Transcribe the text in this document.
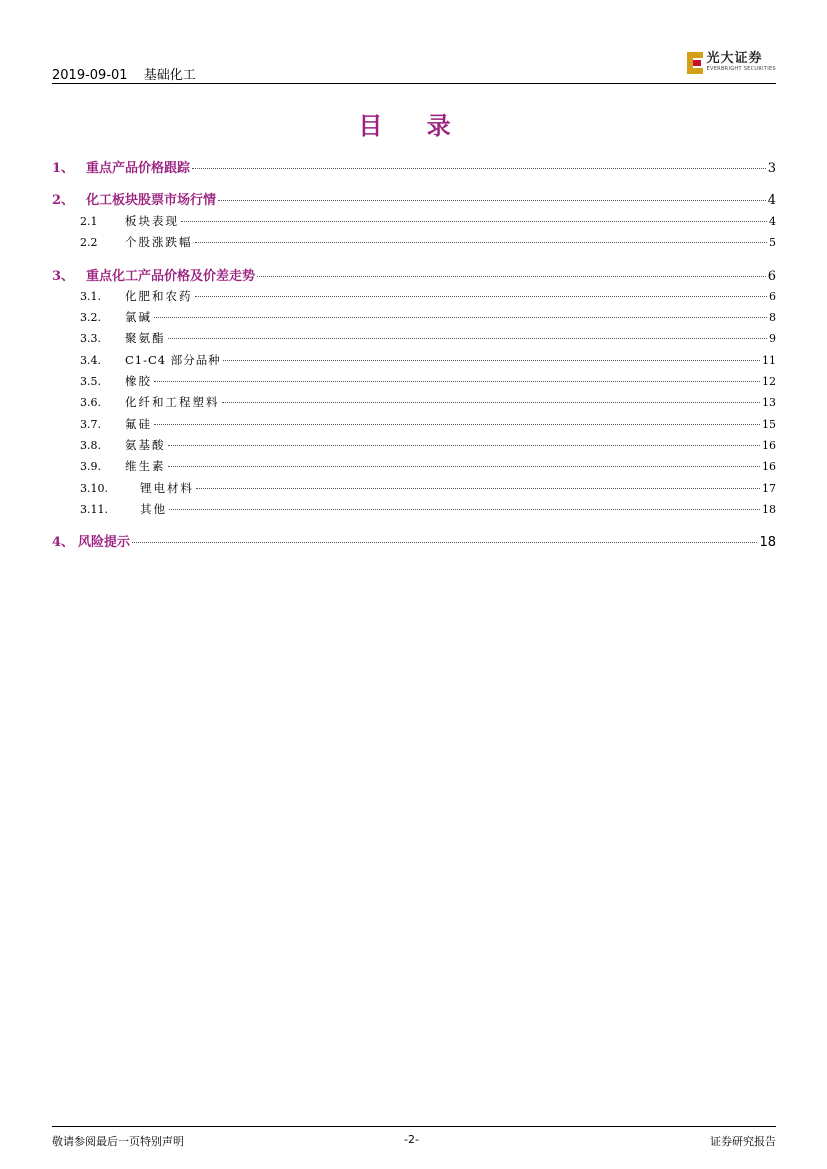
2019-09-01 基础化工
光大证券
EVERBRIGHT SECURITIES
目 录
1、 重点产品价格跟踪	3
2、 化工板块股票市场行情	4
2.1	板块表现	4
2.2	个股涨跌幅	5
3、 重点化工产品价格及价差走势	6
3.1.	化肥和农药	6
3.2.	氯碱	8
3.3.	聚氨酯	9
3.4.	C1-C4 部分品种	11
3.5.	橡胶	12
3.6.	化纤和工程塑料	13
3.7.	氟硅	15
3.8.	氨基酸	16
3.9.	维生素	16
3.10.	锂电材料	17
3.11.	其他	18
4、 风险提示	18
敬请参阅最后一页特别声明	-2-	证券研究报告
